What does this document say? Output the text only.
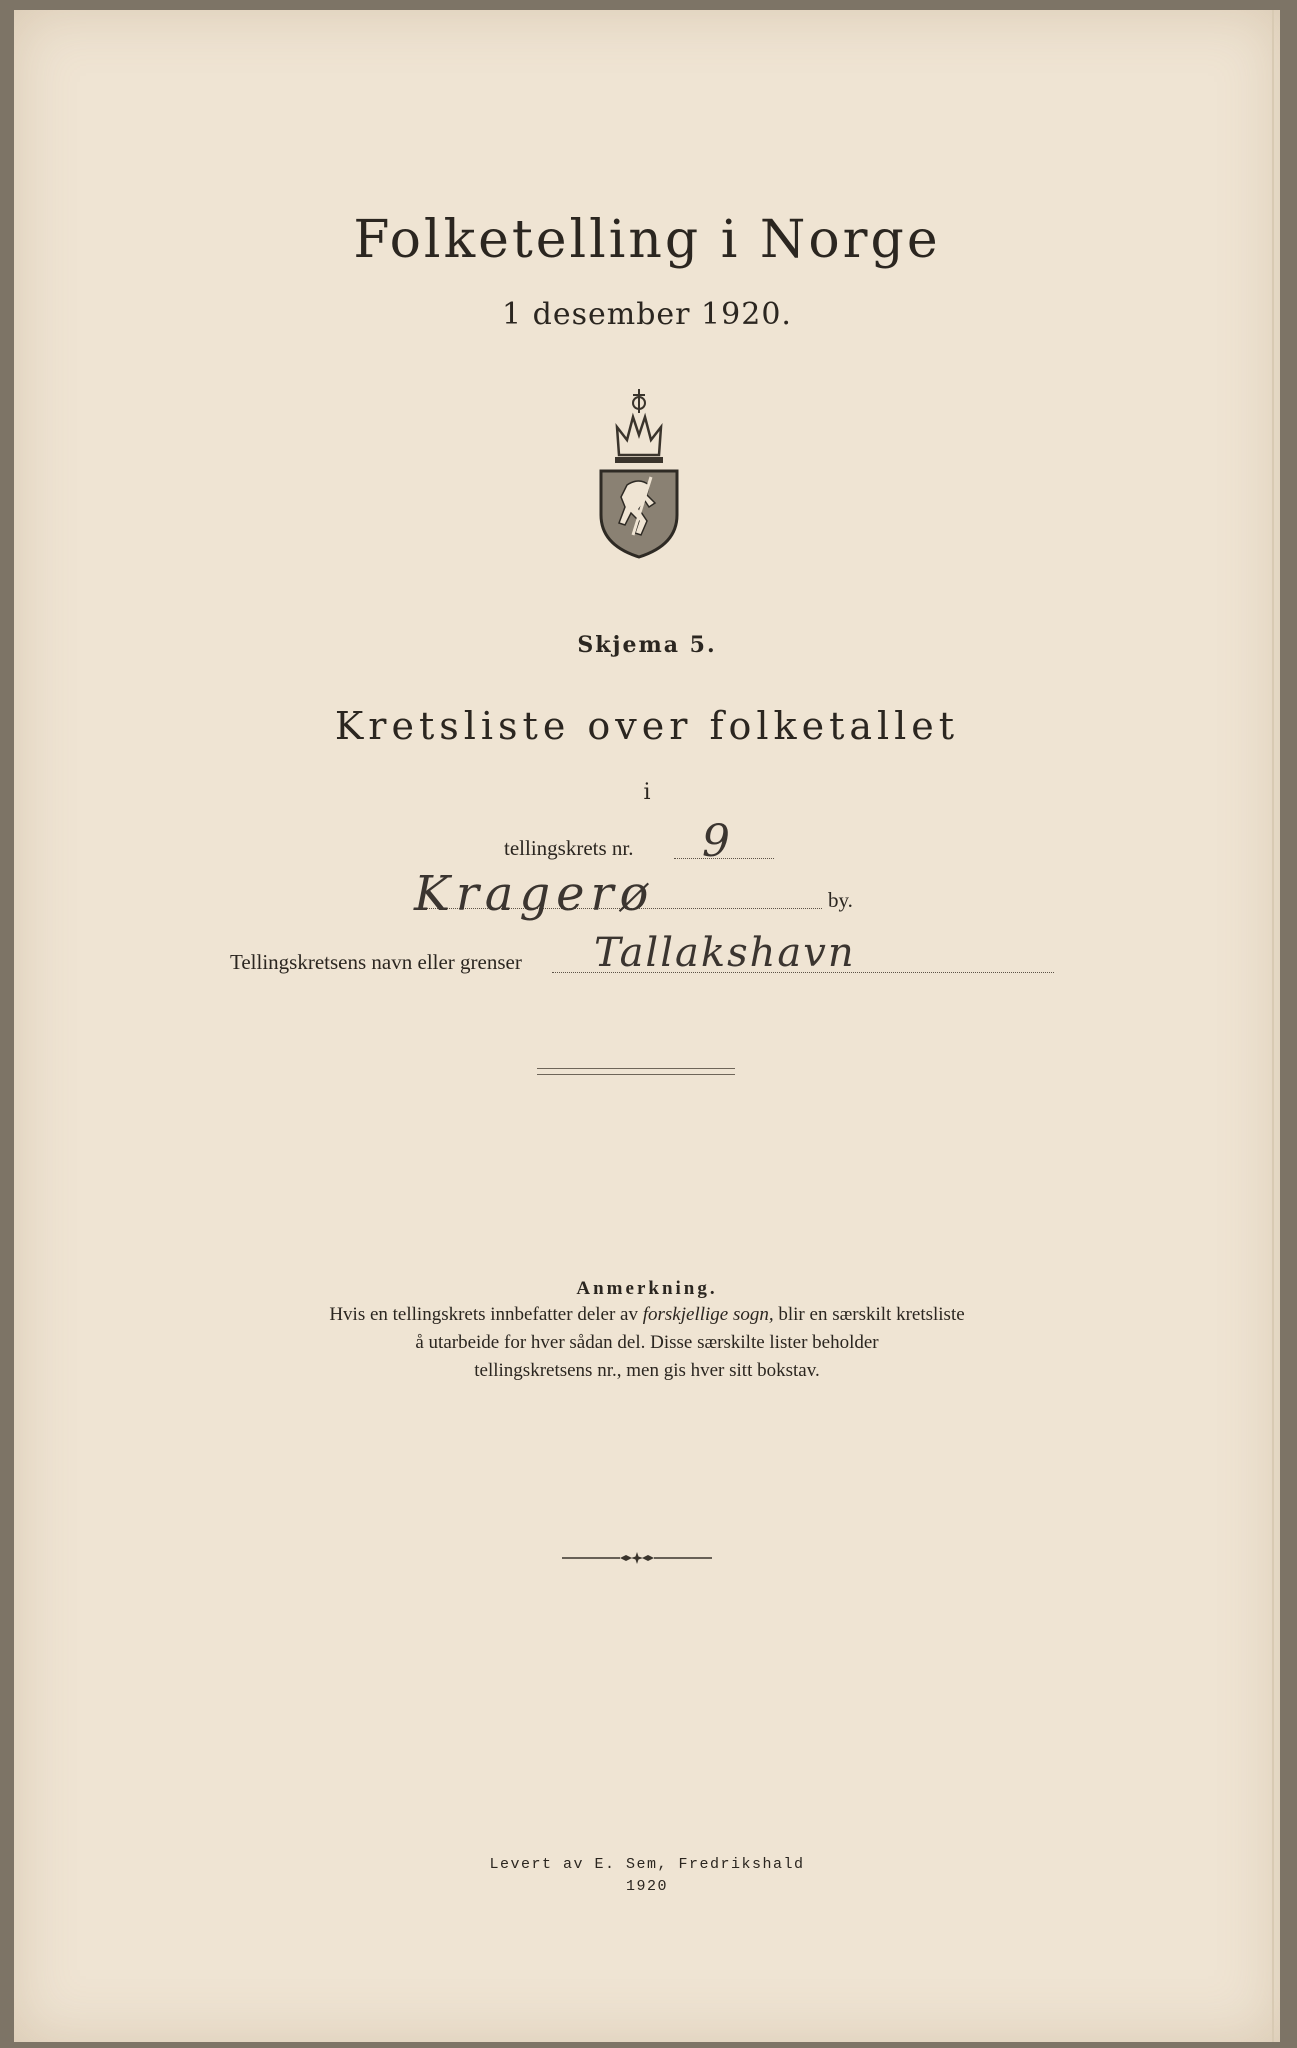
Folketelling i Norge
1 desember 1920.
Skjema 5.
Kretsliste over folketallet
i
tellingskrets nr. 9
Kragerø	by.
Tellingskretsens navn eller grenser Tallakshavn
Anmerkning.
Hvis en tellingskrets innbefatter deler av forskjellige sogn, blir en særskilt kretsliste
å utarbeide for hver sådan del. Disse særskilte lister beholder
tellingskretsens nr., men gis hver sitt bokstav.
Levert av E. Sem, Fredrikshald
1920
